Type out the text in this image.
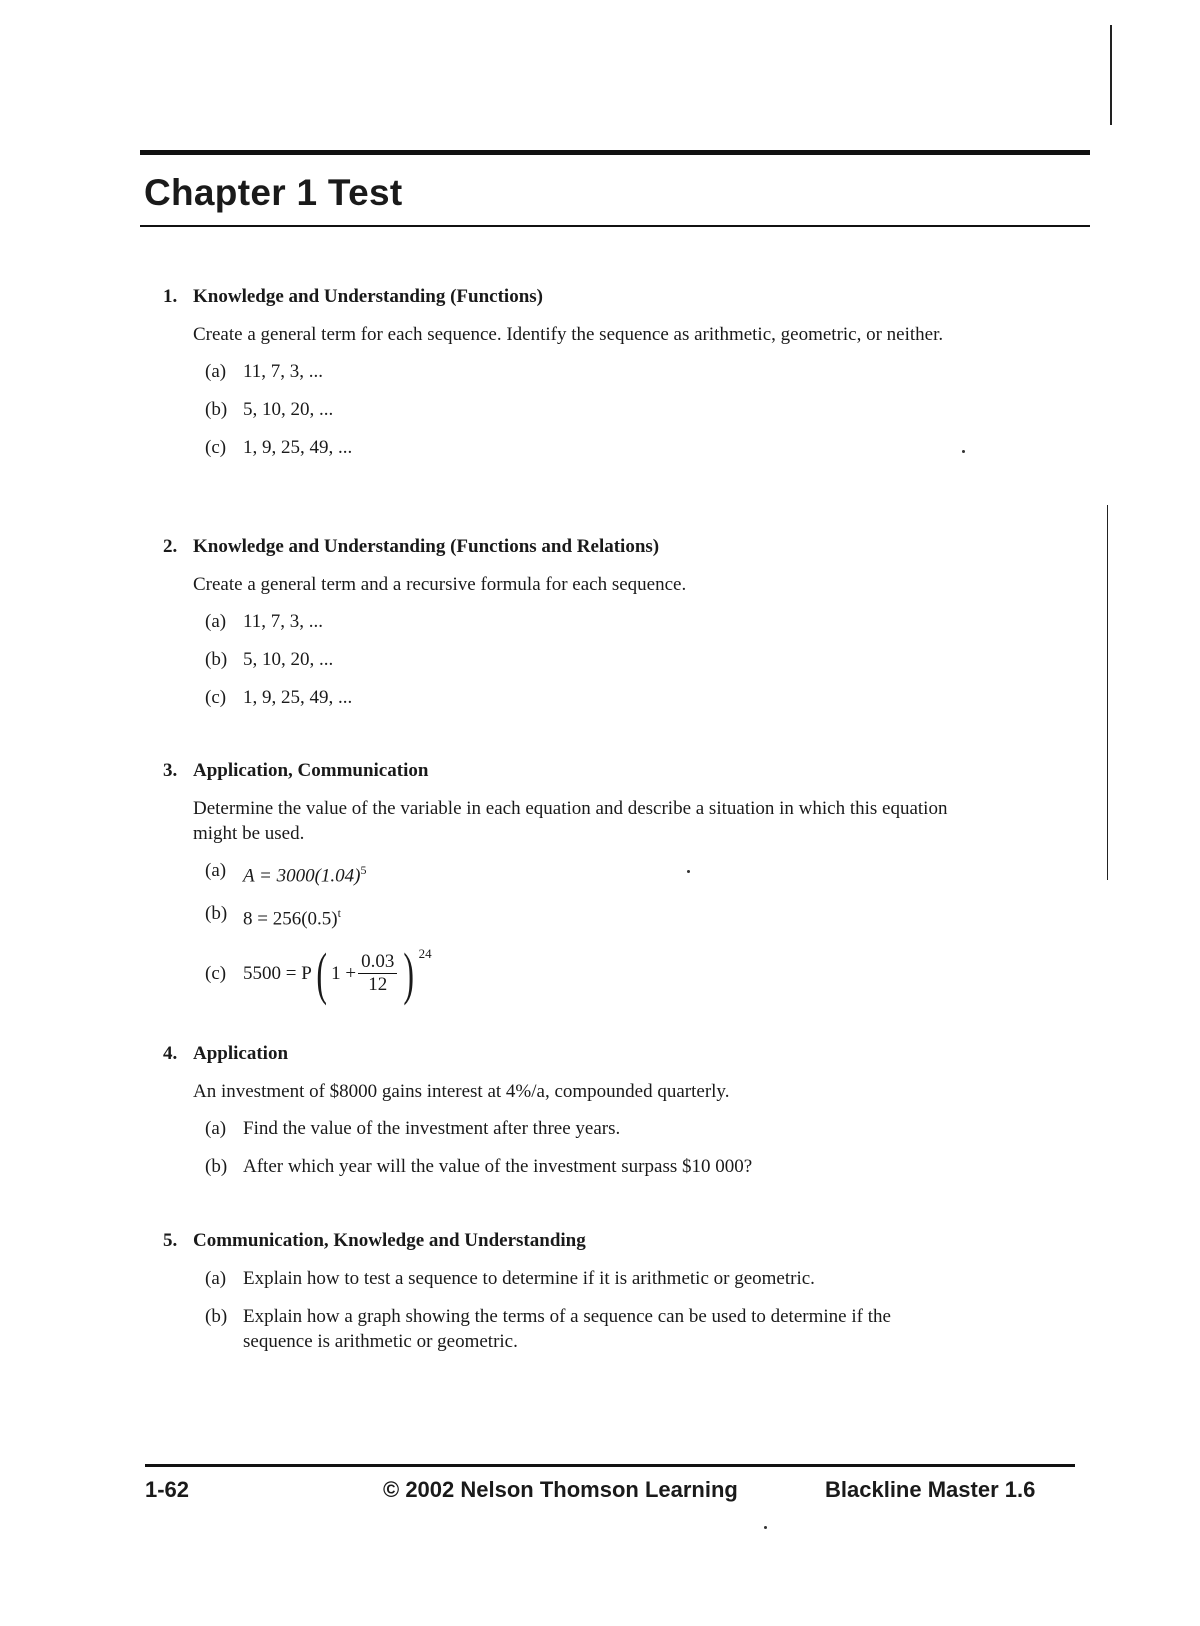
Chapter 1 Test
1. Knowledge and Understanding (Functions)
Create a general term for each sequence. Identify the sequence as arithmetic, geometric, or neither.
(a) 11, 7, 3, ...
(b) 5, 10, 20, ...
(c) 1, 9, 25, 49, ...
2. Knowledge and Understanding (Functions and Relations)
Create a general term and a recursive formula for each sequence.
(a) 11, 7, 3, ...
(b) 5, 10, 20, ...
(c) 1, 9, 25, 49, ...
3. Application, Communication
Determine the value of the variable in each equation and describe a situation in which this equation might be used.
(a) $A = 3000(1.04)^5$
(b) $8 = 256(0.5)^t$
(c) 5500 = P ( $1 + \frac{0.03}{12}$ ) 24
4. Application
An investment of $8000 gains interest at 4%/a, compounded quarterly.
(a) Find the value of the investment after three years.
(b) After which year will the value of the investment surpass $10 000?
5. Communication, Knowledge and Understanding
(a) Explain how to test a sequence to determine if it is arithmetic or geometric.
(b) Explain how a graph showing the terms of a sequence can be used to determine if the sequence is arithmetic or geometric.
1-62	© 2002 Nelson Thomson Learning	Blackline Master 1.6
